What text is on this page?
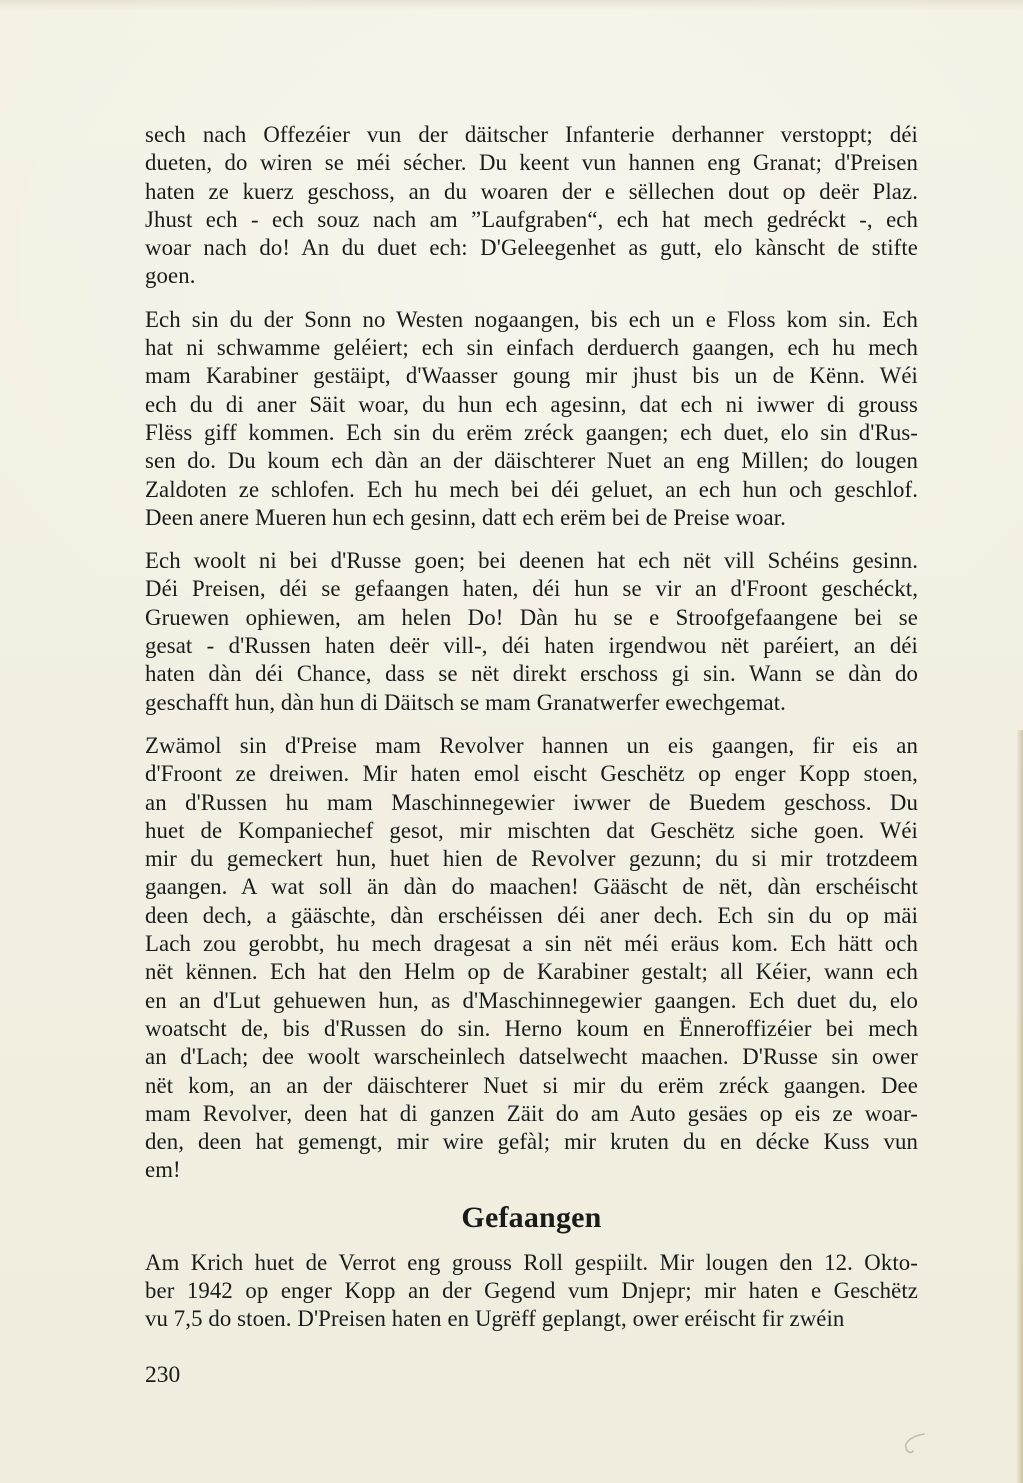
sech nach Offezéier vun der däitscher Infanterie derhanner verstoppt; déi
dueten, do wiren se méi sécher. Du keent vun hannen eng Granat; d'Preisen
haten ze kuerz geschoss, an du woaren der e sëllechen dout op deër Plaz.
Jhust ech - ech souz nach am ”Laufgraben“, ech hat mech gedréckt -, ech
woar nach do! An du duet ech: D'Geleegenhet as gutt, elo kànscht de stifte
goen.

Ech sin du der Sonn no Westen nogaangen, bis ech un e Floss kom sin. Ech
hat ni schwamme geléiert; ech sin einfach derduerch gaangen, ech hu mech
mam Karabiner gestäipt, d'Waasser goung mir jhust bis un de Kënn. Wéi
ech du di aner Säit woar, du hun ech agesinn, dat ech ni iwwer di grouss
Flëss giff kommen. Ech sin du erëm zréck gaangen; ech duet, elo sin d'Rus-
sen do. Du koum ech dàn an der däischterer Nuet an eng Millen; do lougen
Zaldoten ze schlofen. Ech hu mech bei déi geluet, an ech hun och geschlof.
Deen anere Mueren hun ech gesinn, datt ech erëm bei de Preise woar.

Ech woolt ni bei d'Russe goen; bei deenen hat ech nët vill Schéins gesinn.
Déi Preisen, déi se gefaangen haten, déi hun se vir an d'Froont geschéckt,
Gruewen ophiewen, am helen Do! Dàn hu se e Stroofgefaangene bei se
gesat - d'Russen haten deër vill-, déi haten irgendwou nët paréiert, an déi
haten dàn déi Chance, dass se nët direkt erschoss gi sin. Wann se dàn do
geschafft hun, dàn hun di Däitsch se mam Granatwerfer ewechgemat.

Zwämol sin d'Preise mam Revolver hannen un eis gaangen, fir eis an
d'Froont ze dreiwen. Mir haten emol eischt Geschëtz op enger Kopp stoen,
an d'Russen hu mam Maschinnegewier iwwer de Buedem geschoss. Du
huet de Kompaniechef gesot, mir mischten dat Geschëtz siche goen. Wéi
mir du gemeckert hun, huet hien de Revolver gezunn; du si mir trotzdeem
gaangen. A wat soll än dàn do maachen! Gääscht de nët, dàn erschéischt
deen dech, a gääschte, dàn erschéissen déi aner dech. Ech sin du op mäi
Lach zou gerobbt, hu mech dragesat a sin nët méi eräus kom. Ech hätt och
nët kënnen. Ech hat den Helm op de Karabiner gestalt; all Kéier, wann ech
en an d'Lut gehuewen hun, as d'Maschinnegewier gaangen. Ech duet du, elo
woatscht de, bis d'Russen do sin. Herno koum en Ënneroffizéier bei mech
an d'Lach; dee woolt warscheinlech datselwecht maachen. D'Russe sin ower
nët kom, an an der däischterer Nuet si mir du erëm zréck gaangen. Dee
mam Revolver, deen hat di ganzen Zäit do am Auto gesäes op eis ze woar-
den, deen hat gemengt, mir wire gefàl; mir kruten du en décke Kuss vun
em!

Gefaangen

Am Krich huet de Verrot eng grouss Roll gespiilt. Mir lougen den 12. Okto-
ber 1942 op enger Kopp an der Gegend vum Dnjepr; mir haten e Geschëtz
vu 7,5 do stoen. D'Preisen haten en Ugrëff geplangt, ower eréischt fir zwéin

230
